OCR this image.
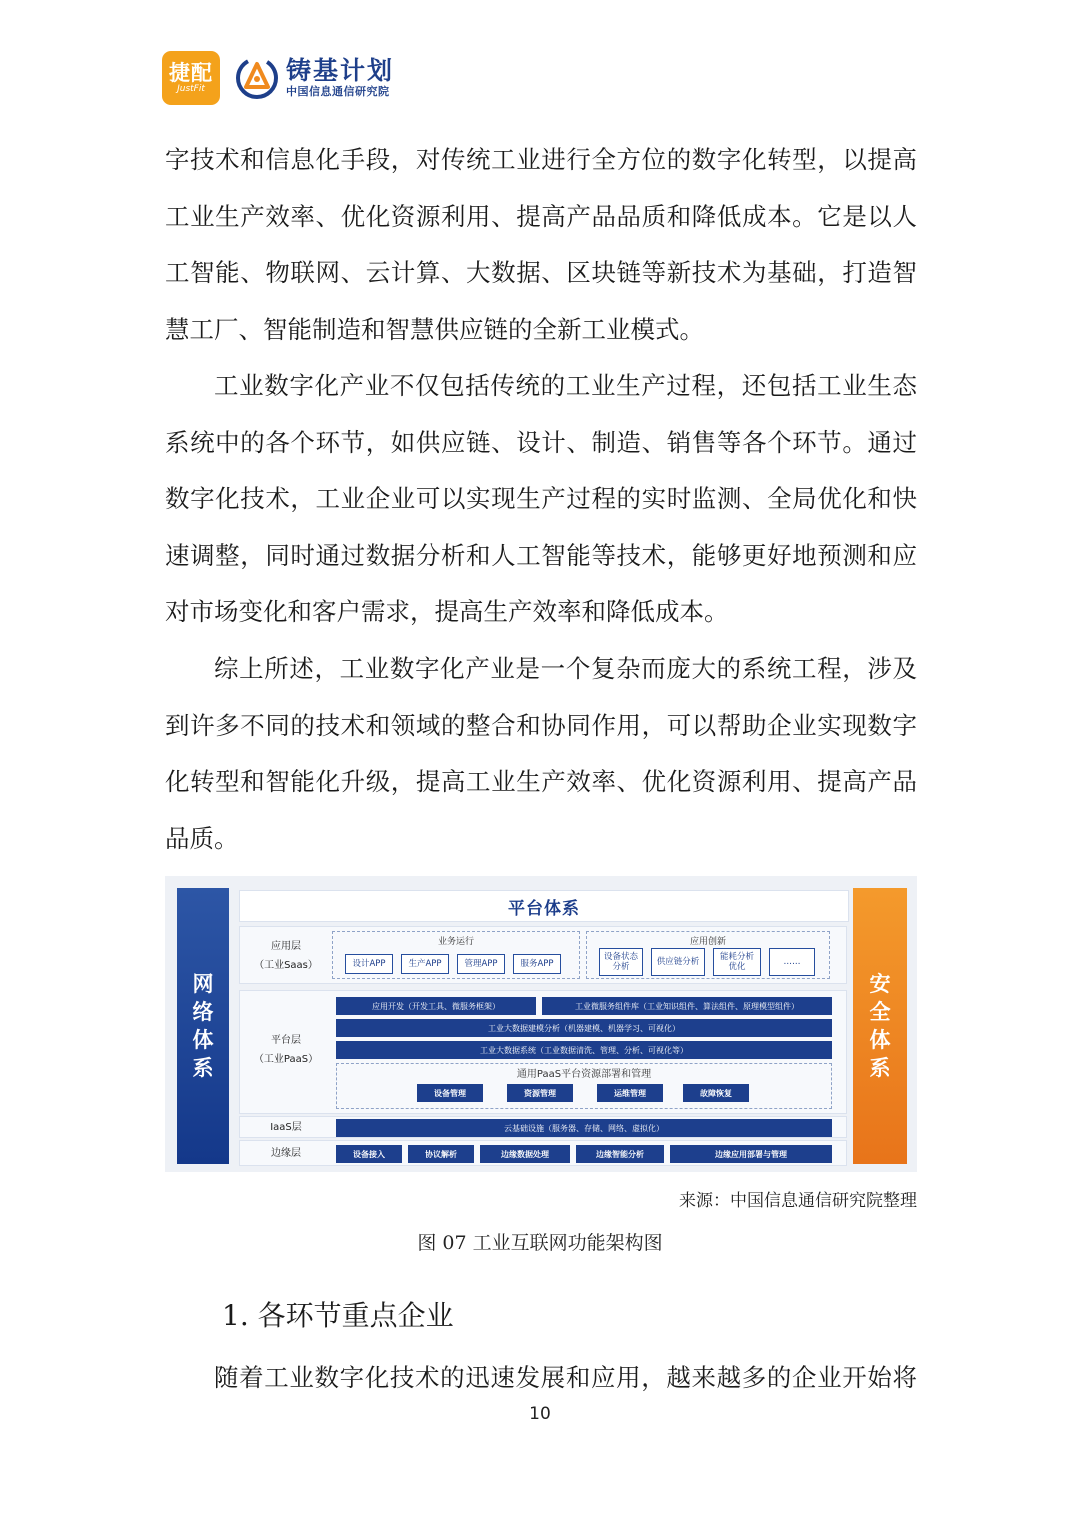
捷配
JustFit
铸基计划
中国信息通信研究院

字技术和信息化手段，对传统工业进行全方位的数字化转型，以提高
工业生产效率、优化资源利用、提高产品品质和降低成本。它是以人
工智能、物联网、云计算、大数据、区块链等新技术为基础，打造智
慧工厂、智能制造和智慧供应链的全新工业模式。

工业数字化产业不仅包括传统的工业生产过程，还包括工业生态
系统中的各个环节，如供应链、设计、制造、销售等各个环节。通过
数字化技术，工业企业可以实现生产过程的实时监测、全局优化和快
速调整，同时通过数据分析和人工智能等技术，能够更好地预测和应
对市场变化和客户需求，提高生产效率和降低成本。

综上所述，工业数字化产业是一个复杂而庞大的系统工程，涉及
到许多不同的技术和领域的整合和协同作用，可以帮助企业实现数字
化转型和智能化升级，提高工业生产效率、优化资源利用、提高产品
品质。

网
络
体
系
安
全
体
系
平台体系
应用层
（工业Saas）
业务运行
设计APP	生产APP	管理APP	服务APP
应用创新
设备状态分析	供应链分析	能耗分析优化	……
平台层
（工业PaaS）
应用开发（开发工具、微服务框架）	工业微服务组件库（工业知识组件、算法组件、原理模型组件）
工业大数据建模分析（机器建模、机器学习、可视化）
工业大数据系统（工业数据清洗、管理、分析、可视化等）
通用PaaS平台资源部署和管理
设备管理	资源管理	运维管理	故障恢复
IaaS层	云基础设施（服务器、存储、网络、虚拟化）
边缘层	设备接入	协议解析	边缘数据处理	边缘智能分析	边缘应用部署与管理
来源：中国信息通信研究院整理
图 07 工业互联网功能架构图
1. 各环节重点企业

随着工业数字化技术的迅速发展和应用，越来越多的企业开始将

10
